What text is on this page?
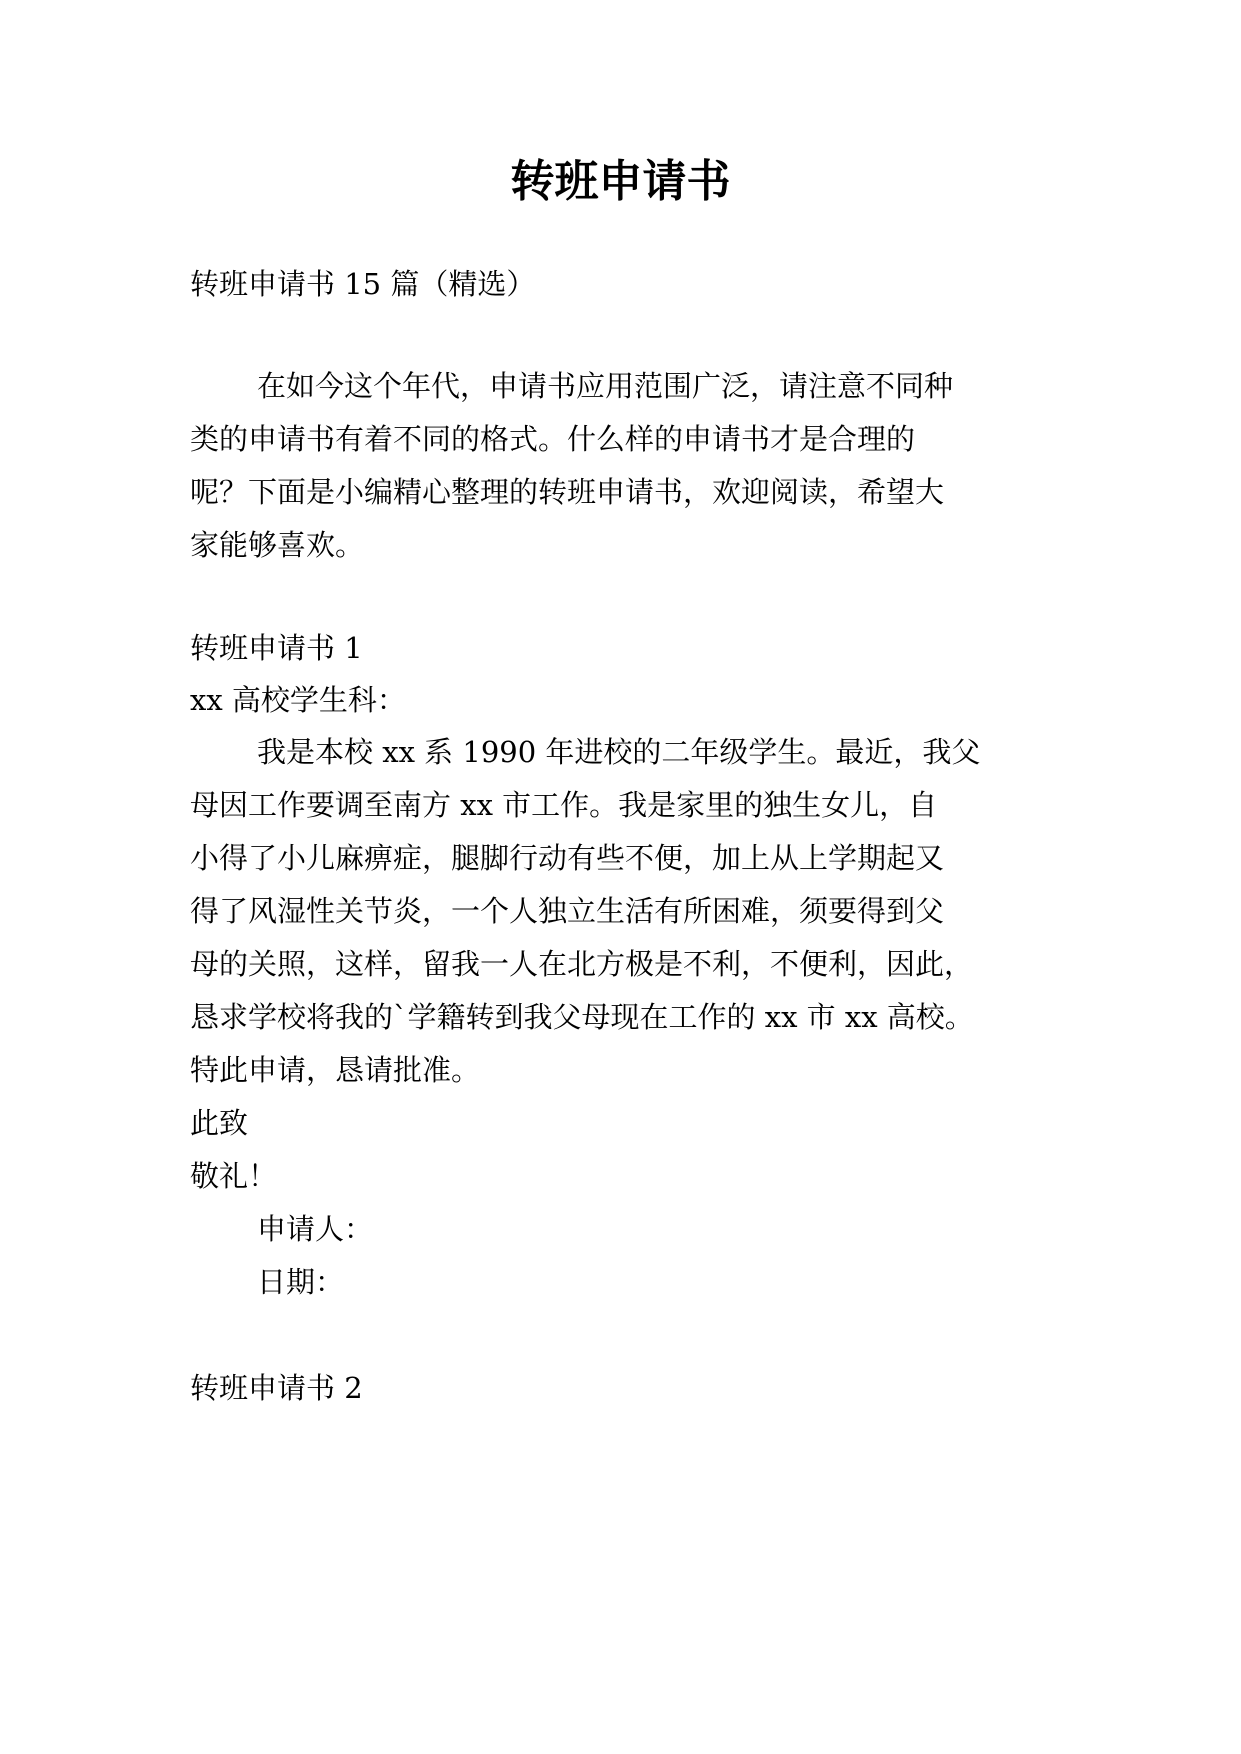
转班申请书
转班申请书 15 篇（精选）
在如今这个年代，申请书应用范围广泛，请注意不同种
类的申请书有着不同的格式。什么样的申请书才是合理的
呢？下面是小编精心整理的转班申请书，欢迎阅读，希望大
家能够喜欢。
转班申请书 1
xx 高校学生科：
我是本校 xx 系 1990 年进校的二年级学生。最近，我父
母因工作要调至南方 xx 市工作。我是家里的独生女儿，自
小得了小儿麻痹症，腿脚行动有些不便，加上从上学期起又
得了风湿性关节炎，一个人独立生活有所困难，须要得到父
母的关照，这样，留我一人在北方极是不利，不便利，因此，
恳求学校将我的`学籍转到我父母现在工作的 xx 市 xx 高校。
特此申请，恳请批准。
此致
敬礼！
申请人：
日期：
转班申请书 2
